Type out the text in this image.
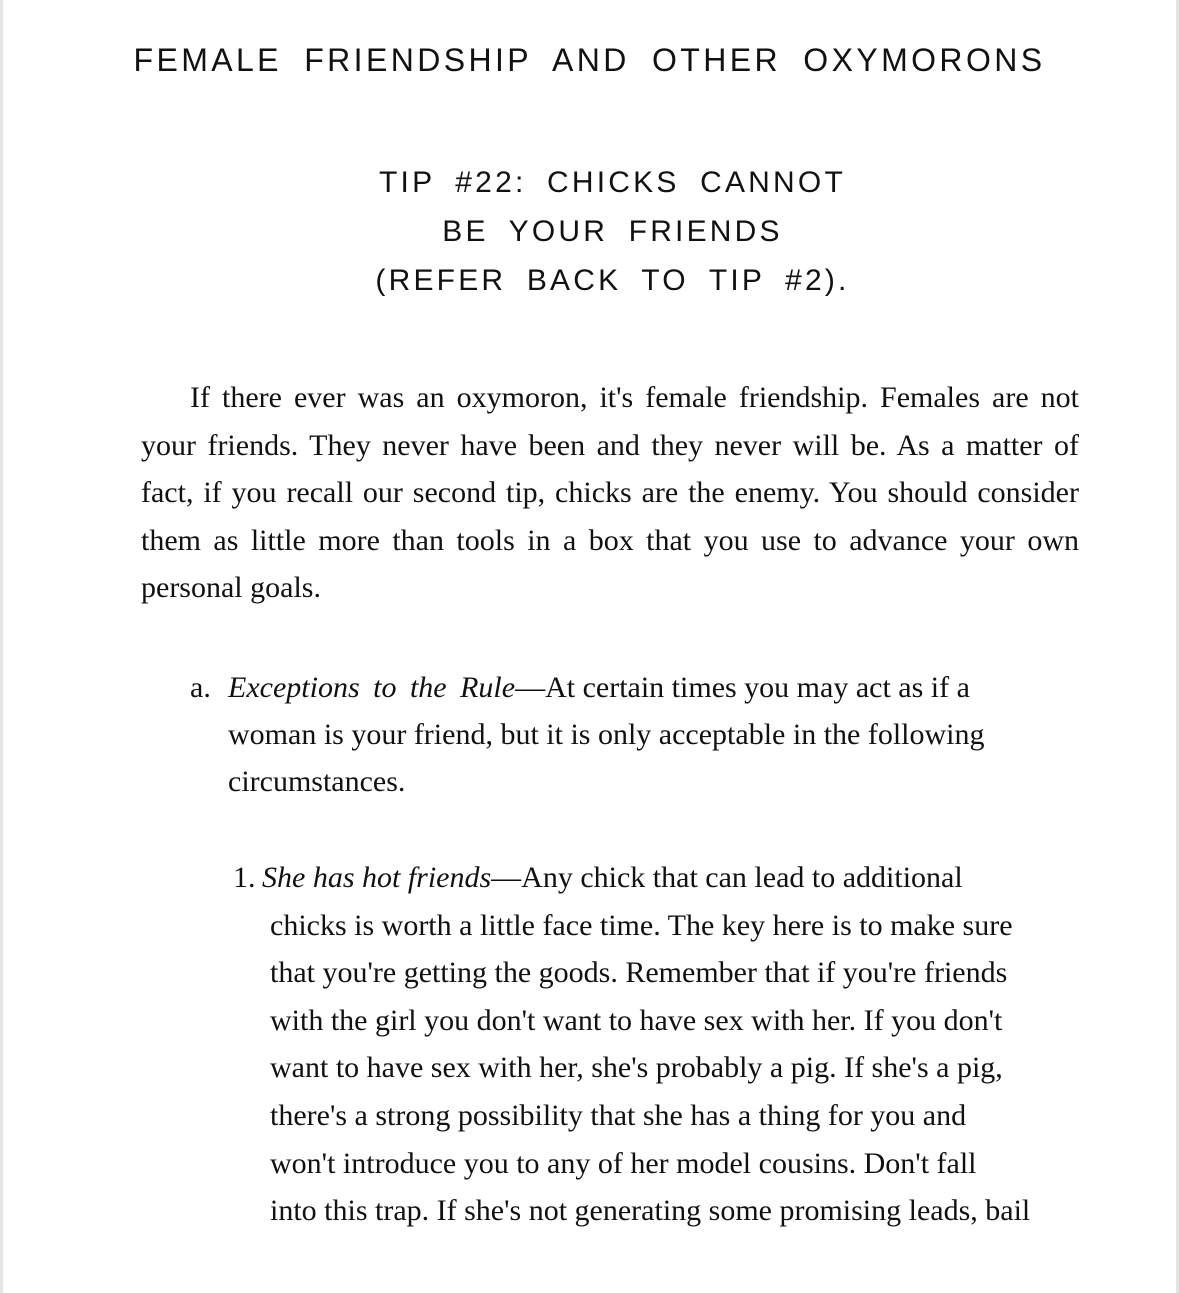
FEMALE FRIENDSHIP AND OTHER OXYMORONS
TIP #22: CHICKS CANNOT
BE YOUR FRIENDS
(REFER BACK TO TIP #2).

If there ever was an oxymoron, it's female friendship. Females are not your friends. They never have been and they never will be. As a matter of fact, if you recall our second tip, chicks are the enemy. You should consider them as little more than tools in a box that you use to advance your own personal goals.

a. Exceptions to the Rule—At certain times you may act as if a woman is your friend, but it is only acceptable in the following circumstances.
1. She has hot friends—Any chick that can lead to additional
chicks is worth a little face time. The key here is to make sure
that you're getting the goods. Remember that if you're friends
with the girl you don't want to have sex with her. If you don't
want to have sex with her, she's probably a pig. If she's a pig,
there's a strong possibility that she has a thing for you and
won't introduce you to any of her model cousins. Don't fall
into this trap. If she's not generating some promising leads, bail
